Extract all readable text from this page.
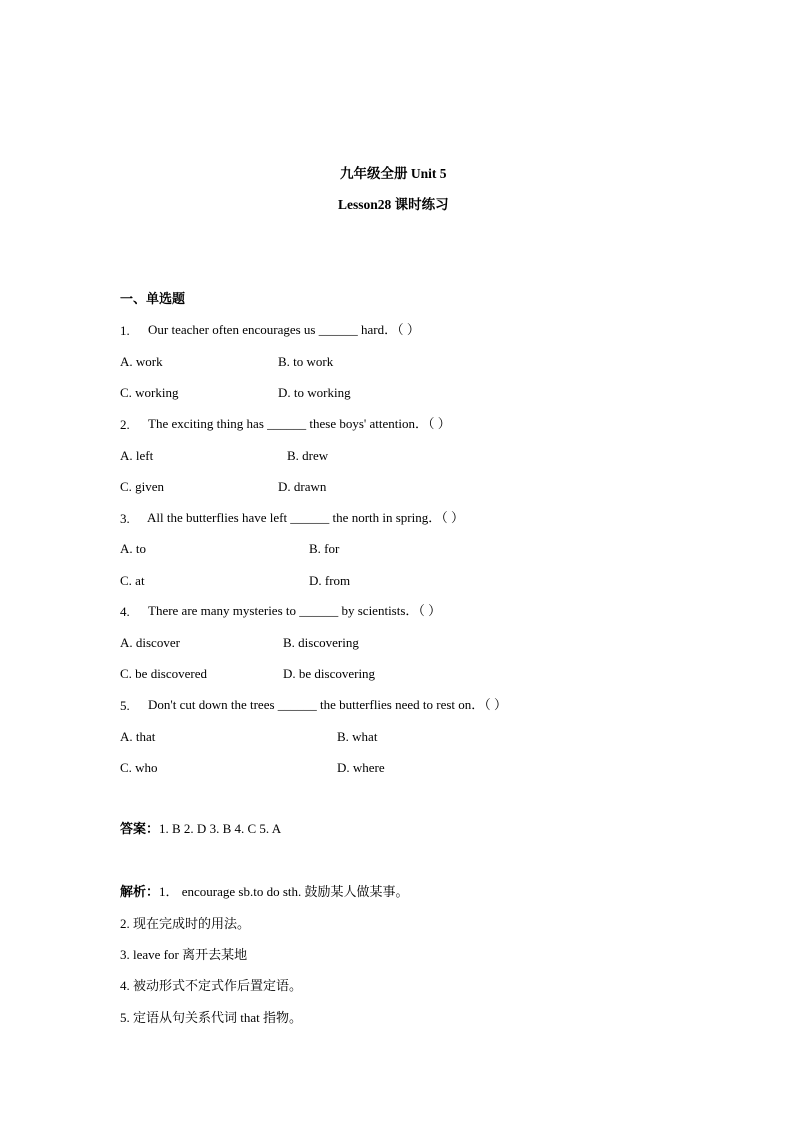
九年级全册 Unit 5
Lesson28 课时练习
一、单选题
1. Our teacher often encourages us ______ hard．（ ）
A. work	B. to work
C. working	D. to working
2. The exciting thing has ______ these boys' attention．（ ）
A. left	B. drew
C. given	D. drawn
3. All the butterflies have left ______ the north in spring．（ ）
A. to	B. for
C. at	D. from
4. There are many mysteries to ______ by scientists．（ ）
A. discover	B. discovering
C. be discovered	D. be discovering
5. Don't cut down the trees ______ the butterflies need to rest on．（ ）
A. that	B. what
C. who	D. where
答案：1. B 2. D 3. B 4. C 5. A
解析：1． encourage sb.to do sth. 鼓励某人做某事。
2. 现在完成时的用法。
3. leave for 离开去某地
4. 被动形式不定式作后置定语。
5. 定语从句关系代词 that 指物。
